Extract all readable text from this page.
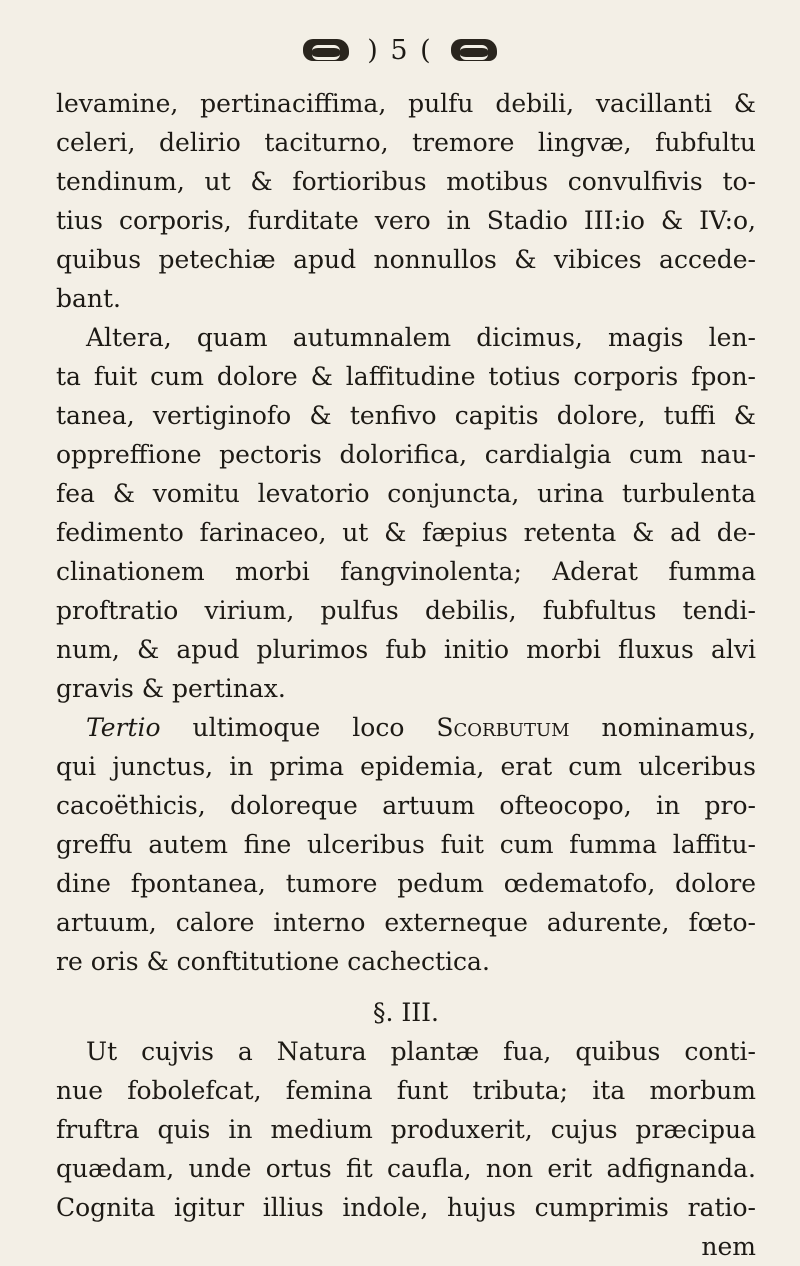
) 5 (
levamine, pertinaciffima, pulfu debili, vacillanti &
celeri, delirio taciturno, tremore lingvæ, fubfultu
tendinum, ut & fortioribus motibus convulfivis to-
tius corporis, furditate vero in Stadio III:io & IV:o,
quibus petechiæ apud nonnullos & vibices accede-
bant.
Altera, quam autumnalem dicimus, magis len-
ta fuit cum dolore & laffitudine totius corporis fpon-
tanea, vertiginofo & tenfivo capitis dolore, tuffi &
oppreffione pectoris dolorifica, cardialgia cum nau-
fea & vomitu levatorio conjuncta, urina turbulenta
fedimento farinaceo, ut & fæpius retenta & ad de-
clinationem morbi fangvinolenta; Aderat fumma
proftratio virium, pulfus debilis, fubfultus tendi-
num, & apud plurimos fub initio morbi fluxus alvi
gravis & pertinax.
Tertio ultimoque loco Scorbutum nominamus,
qui junctus, in prima epidemia, erat cum ulceribus
cacoëthicis, doloreque artuum ofteocopo, in pro-
greffu autem fine ulceribus fuit cum fumma laffitu-
dine fpontanea, tumore pedum œdematofo, dolore
artuum, calore interno externeque adurente, fœto-
re oris & conftitutione cachectica.
§. III.
Ut cujvis a Natura plantæ fua, quibus conti-
nue fobolefcat, femina funt tributa; ita morbum
fruftra quis in medium produxerit, cujus præcipua
quædam, unde ortus fit caufla, non erit adfignanda.
Cognita igitur illius indole, hujus cumprimis ratio-
nem
